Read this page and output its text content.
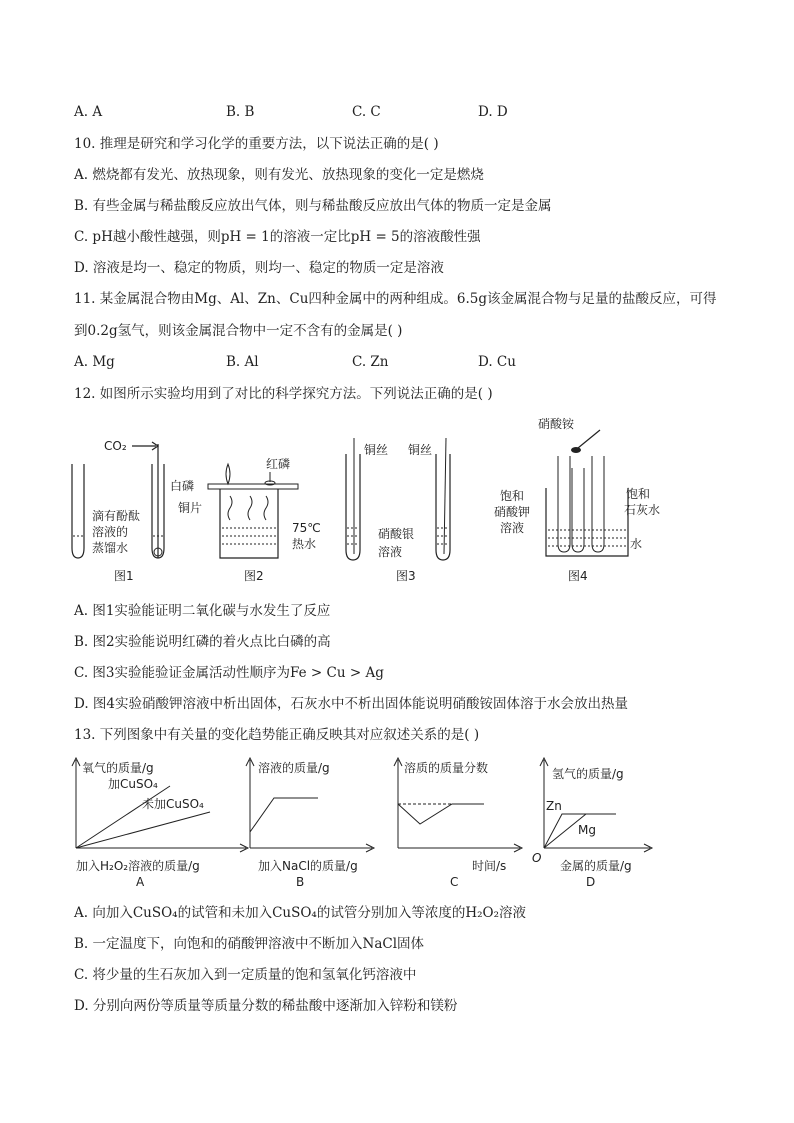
A. A	B. B	C. C	D. D
10. 推理是研究和学习化学的重要方法，以下说法正确的是( )
A. 燃烧都有发光、放热现象，则有发光、放热现象的变化一定是燃烧
B. 有些金属与稀盐酸反应放出气体，则与稀盐酸反应放出气体的物质一定是金属
C. pH越小酸性越强，则pH = 1的溶液一定比pH = 5的溶液酸性强
D. 溶液是均一、稳定的物质，则均一、稳定的物质一定是溶液
11. 某金属混合物由Mg、Al、Zn、Cu四种金属中的两种组成。6.5g该金属混合物与足量的盐酸反应，可得
到0.2g氢气，则该金属混合物中一定不含有的金属是( )
A. Mg	B. Al	C. Zn	D. Cu
12. 如图所示实验均用到了对比的科学探究方法。下列说法正确的是( )
CO₂
滴有酚酞
溶液的
蒸馏水
图1
白磷
红磷
铜片
75℃
热水
图2
铜丝 铜丝
硝酸银
溶液
图3
硝酸铵
饱和
硝酸钾
溶液
饱和
石灰水
水
图4
A. 图1实验能证明二氧化碳与水发生了反应
B. 图2实验能说明红磷的着火点比白磷的高
C. 图3实验能验证金属活动性顺序为Fe > Cu > Ag
D. 图4实验硝酸钾溶液中析出固体，石灰水中不析出固体能说明硝酸铵固体溶于水会放出热量
13. 下列图象中有关量的变化趋势能正确反映其对应叙述关系的是( )
氧气的质量/g
加CuSO₄
未加CuSO₄
加入H₂O₂溶液的质量/g
A
溶液的质量/g
加入NaCl的质量/g
B
溶质的质量分数
时间/s
C
氢气的质量/g
Zn
Mg
O
金属的质量/g
D
A. 向加入CuSO₄的试管和未加入CuSO₄的试管分别加入等浓度的H₂O₂溶液
B. 一定温度下，向饱和的硝酸钾溶液中不断加入NaCl固体
C. 将少量的生石灰加入到一定质量的饱和氢氧化钙溶液中
D. 分别向两份等质量等质量分数的稀盐酸中逐渐加入锌粉和镁粉
